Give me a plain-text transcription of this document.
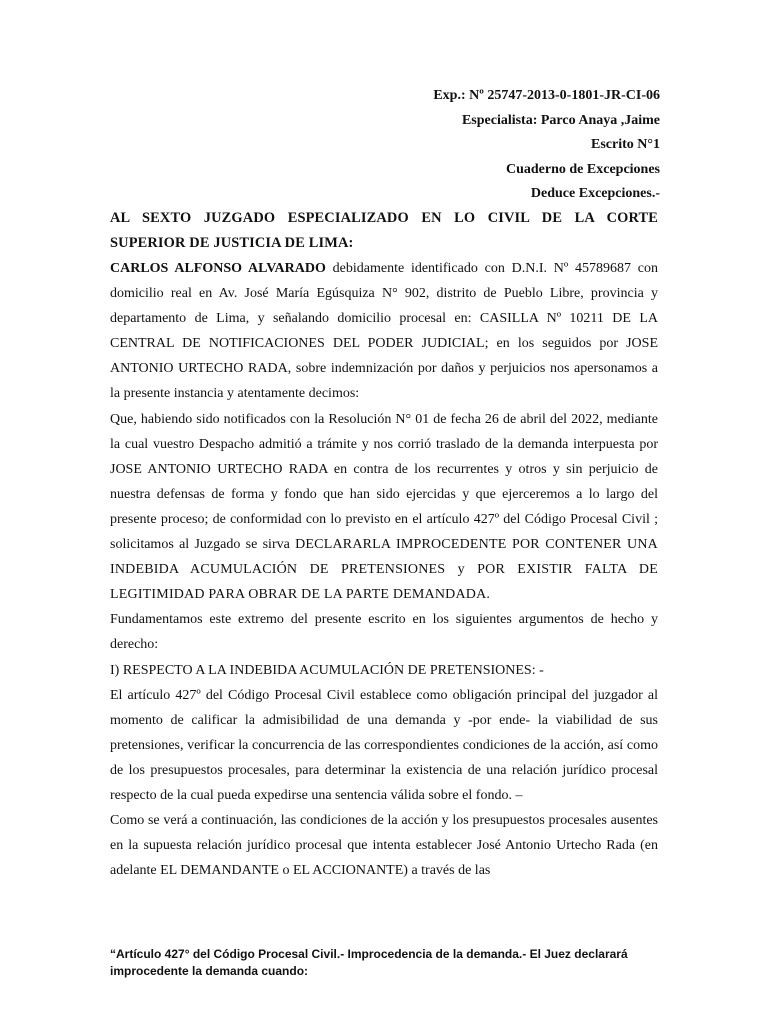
Exp.: Nº 25747-2013-0-1801-JR-CI-06
Especialista: Parco Anaya ,Jaime
Escrito N°1
Cuaderno de Excepciones
Deduce Excepciones.-

AL SEXTO JUZGADO ESPECIALIZADO EN LO CIVIL DE LA CORTE SUPERIOR DE JUSTICIA DE LIMA:

CARLOS ALFONSO ALVARADO debidamente identificado con D.N.I. Nº 45789687 con domicilio real en Av. José María Egúsquiza N° 902, distrito de Pueblo Libre, provincia y departamento de Lima, y señalando domicilio procesal en: CASILLA Nº 10211 DE LA CENTRAL DE NOTIFICACIONES DEL PODER JUDICIAL; en los seguidos por JOSE ANTONIO URTECHO RADA, sobre indemnización por daños y perjuicios nos apersonamos a la presente instancia y atentamente decimos:

Que, habiendo sido notificados con la Resolución N° 01 de fecha 26 de abril del 2022, mediante la cual vuestro Despacho admitió a trámite y nos corrió traslado de la demanda interpuesta por JOSE ANTONIO URTECHO RADA en contra de los recurrentes y otros y sin perjuicio de nuestra defensas de forma y fondo que han sido ejercidas y que ejerceremos a lo largo del presente proceso; de conformidad con lo previsto en el artículo 427º del Código Procesal Civil ; solicitamos al Juzgado se sirva DECLARARLA IMPROCEDENTE POR CONTENER UNA INDEBIDA ACUMULACIÓN DE PRETENSIONES y POR EXISTIR FALTA DE LEGITIMIDAD PARA OBRAR DE LA PARTE DEMANDADA.

Fundamentamos este extremo del presente escrito en los siguientes argumentos de hecho y derecho:

I) RESPECTO A LA INDEBIDA ACUMULACIÓN DE PRETENSIONES: -

El artículo 427º del Código Procesal Civil establece como obligación principal del juzgador al momento de calificar la admisibilidad de una demanda y -por ende- la viabilidad de sus pretensiones, verificar la concurrencia de las correspondientes condiciones de la acción, así como de los presupuestos procesales, para determinar la existencia de una relación jurídico procesal respecto de la cual pueda expedirse una sentencia válida sobre el fondo. –

Como se verá a continuación, las condiciones de la acción y los presupuestos procesales ausentes en la supuesta relación jurídico procesal que intenta establecer José Antonio Urtecho Rada (en adelante EL DEMANDANTE o EL ACCIONANTE) a través de las

“Artículo 427° del Código Procesal Civil.- Improcedencia de la demanda.- El Juez declarará improcedente la demanda cuando:
